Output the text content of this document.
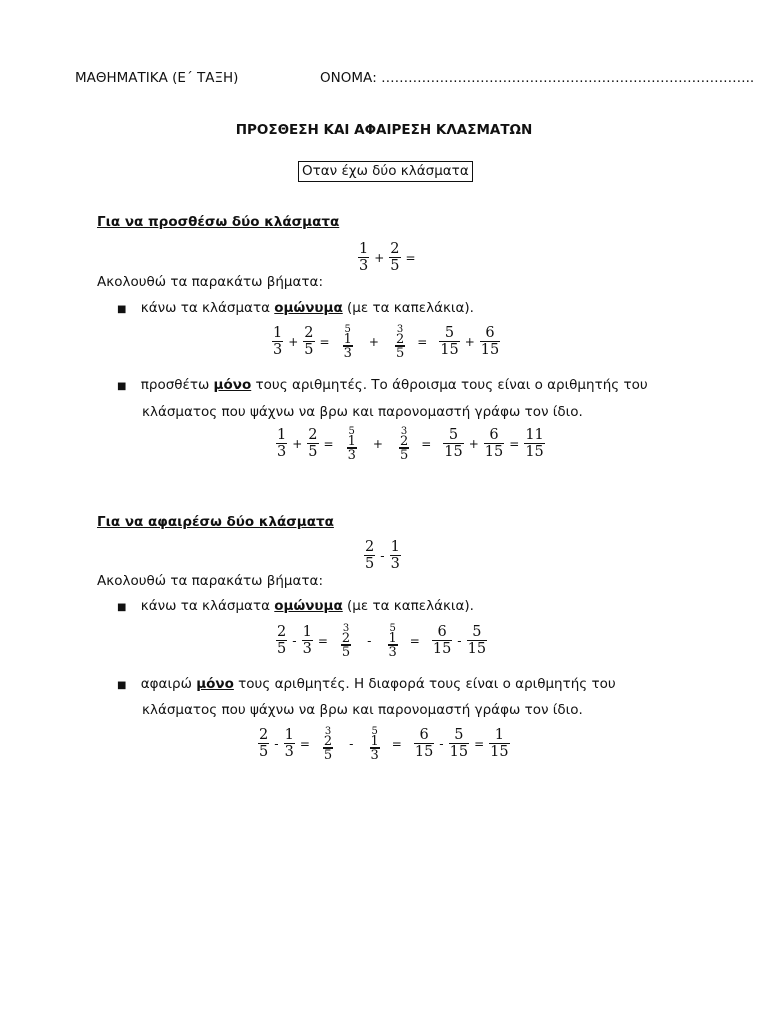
ΜΑΘΗΜΑΤΙΚΑ (Ε΄ ΤΑΞΗ)	ΟΝΟΜΑ: ………………………………………………………………………..
ΠΡΟΣΘΕΣΗ ΚΑΙ ΑΦΑΙΡΕΣΗ ΚΛΑΣΜΑΤΩΝ
Οταν έχω δύο κλάσματα
Για να προσθέσω δύο κλάσματα
$\frac{1}{3} + \frac{2}{5}$ =
Ακολουθώ τα παρακάτω βήματα:
■ κάνω τα κλάσματα ομώνυμα (με τα καπελάκια).
$\frac{1}{3} + \frac{2}{5}$ =
5
1
3
+
3
2
5
= $\frac{5}{15} + \frac{6}{15}$
■ προσθέτω μόνο τους αριθμητές. Το άθροισμα τους είναι ο αριθμητής του
κλάσματος που ψάχνω να βρω και παρονομαστή γράφω τον ίδιο.
$\frac{1}{3} + \frac{2}{5}$ =
5
1
3
+
3
2
5
= $\frac{5}{15} + \frac{6}{15} = \frac{11}{15}$
Για να αφαιρέσω δύο κλάσματα
$\frac{2}{5} - \frac{1}{3}$
Ακολουθώ τα παρακάτω βήματα:
■ κάνω τα κλάσματα ομώνυμα (με τα καπελάκια).
$\frac{2}{5} - \frac{1}{3}$ =
3
2
5
-
5
1
3
= $\frac{6}{15} - \frac{5}{15}$
■ αφαιρώ μόνο τους αριθμητές. Η διαφορά τους είναι ο αριθμητής του
κλάσματος που ψάχνω να βρω και παρονομαστή γράφω τον ίδιο.
$\frac{2}{5} - \frac{1}{3}$ =
3
2
5
-
5
1
3
= $\frac{6}{15} - \frac{5}{15} = \frac{1}{15}$
